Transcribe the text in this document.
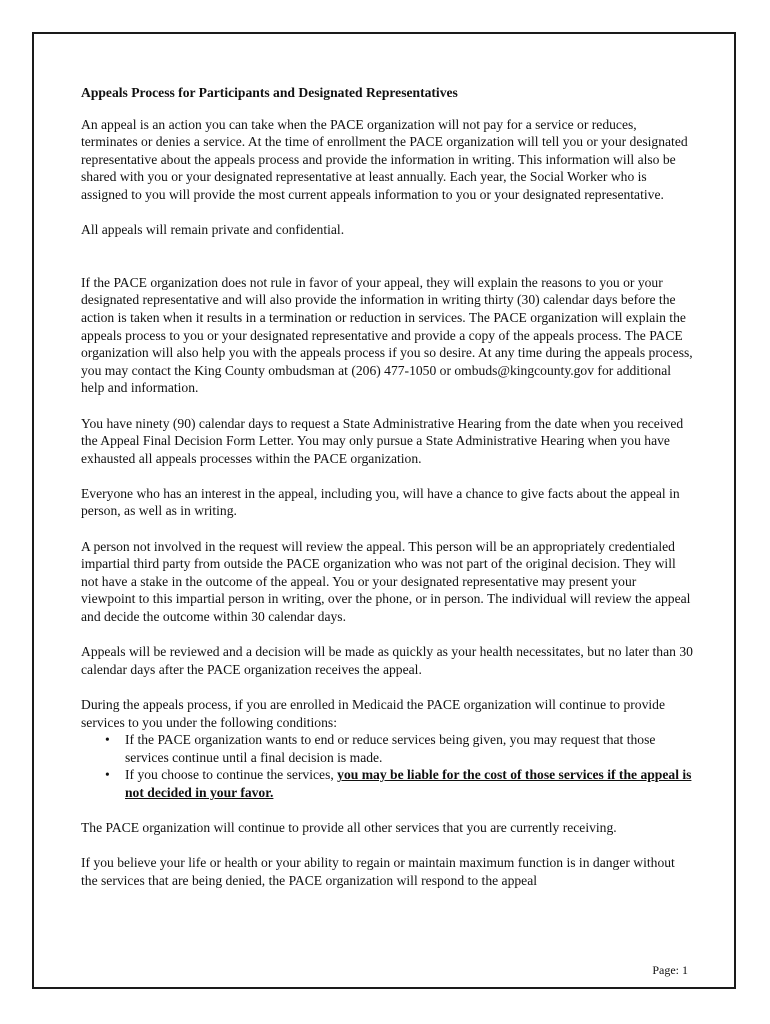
Appeals Process for Participants and Designated Representatives

An appeal is an action you can take when the PACE organization will not pay for a service or reduces, terminates or denies a service. At the time of enrollment the PACE organization will tell you or your designated representative about the appeals process and provide the information in writing. This information will also be shared with you or your designated representative at least annually. Each year, the Social Worker who is assigned to you will provide the most current appeals information to you or your designated representative.

All appeals will remain private and confidential.

If the PACE organization does not rule in favor of your appeal, they will explain the reasons to you or your designated representative and will also provide the information in writing thirty (30) calendar days before the action is taken when it results in a termination or reduction in services. The PACE organization will explain the appeals process to you or your designated representative and provide a copy of the appeals process. The PACE organization will also help you with the appeals process if you so desire. At any time during the appeals process, you may contact the King County ombudsman at (206) 477-1050 or ombuds@kingcounty.gov for additional help and information.

You have ninety (90) calendar days to request a State Administrative Hearing from the date when you received the Appeal Final Decision Form Letter. You may only pursue a State Administrative Hearing when you have exhausted all appeals processes within the PACE organization.

Everyone who has an interest in the appeal, including you, will have a chance to give facts about the appeal in person, as well as in writing.

A person not involved in the request will review the appeal. This person will be an appropriately credentialed impartial third party from outside the PACE organization who was not part of the original decision. They will not have a stake in the outcome of the appeal. You or your designated representative may present your viewpoint to this impartial person in writing, over the phone, or in person. The individual will review the appeal and decide the outcome within 30 calendar days.

Appeals will be reviewed and a decision will be made as quickly as your health necessitates, but no later than 30 calendar days after the PACE organization receives the appeal.

During the appeals process, if you are enrolled in Medicaid the PACE organization will continue to provide services to you under the following conditions:

• If the PACE organization wants to end or reduce services being given, you may request that those services continue until a final decision is made.
• If you choose to continue the services, you may be liable for the cost of those services if the appeal is not decided in your favor.

The PACE organization will continue to provide all other services that you are currently receiving.

If you believe your life or health or your ability to regain or maintain maximum function is in danger without the services that are being denied, the PACE organization will respond to the appeal

Page: 1
